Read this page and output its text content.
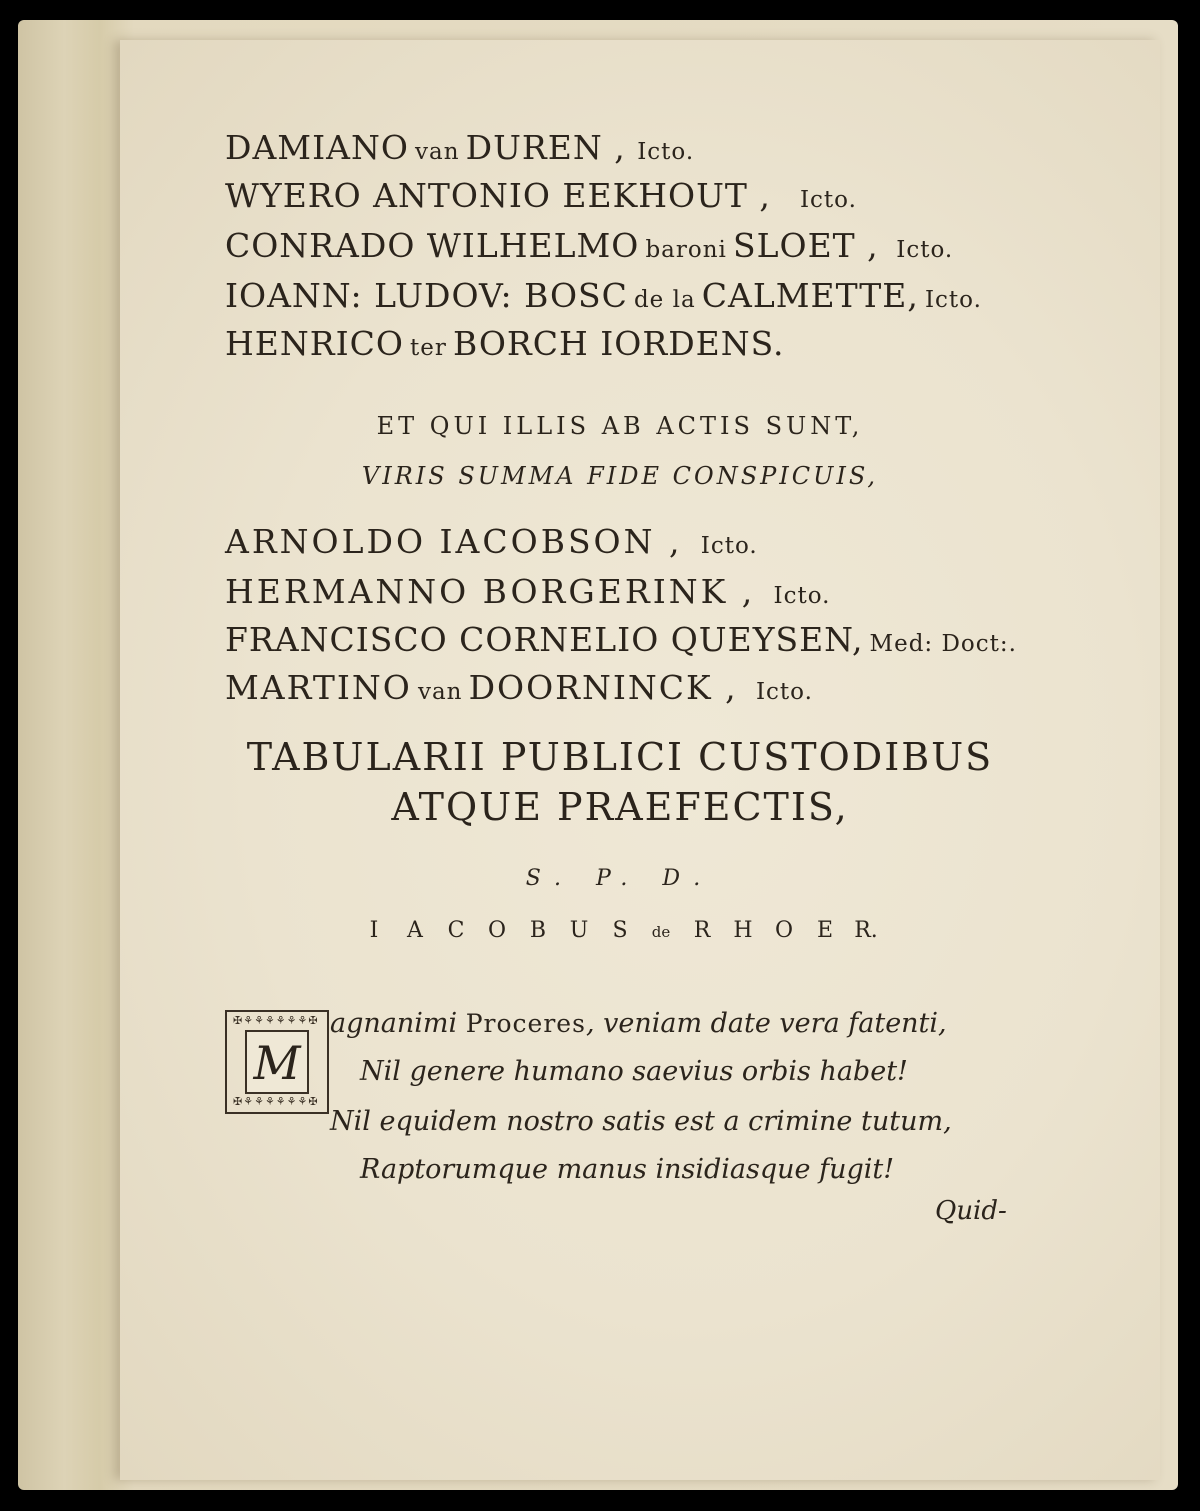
DAMIANO van DUREN , Icto.
WYERO ANTONIO EEKHOUT ,   Icto.
CONRADO WILHELMO baroni SLOET ,  Icto.
IOANN: LUDOV: BOSC de la CALMETTE, Icto.
HENRICO ter BORCH IORDENS.
ET QUI ILLIS AB ACTIS SUNT,
VIRIS SUMMA FIDE CONSPICUIS,
ARNOLDO IACOBSON , Icto.
HERMANNO BORGERINK , Icto.
FRANCISCO CORNELIO QUEYSEN, Med: Doct:.
MARTINO van DOORNINCK , Icto.
TABULARII PUBLICI CUSTODIBUS
ATQUE PRAEFECTIS,
S. P. D.
I A C O B U S de R H O E R.
✠⚘⚘⚘⚘⚘⚘✠
✠⚘⚘⚘⚘⚘⚘✠
M
agnanimi Proceres, veniam date vera fatenti,
Nil genere humano saevius orbis habet!
Nil equidem nostro satis est a crimine tutum,
Raptorumque manus insidiasque fugit!
Quid-
